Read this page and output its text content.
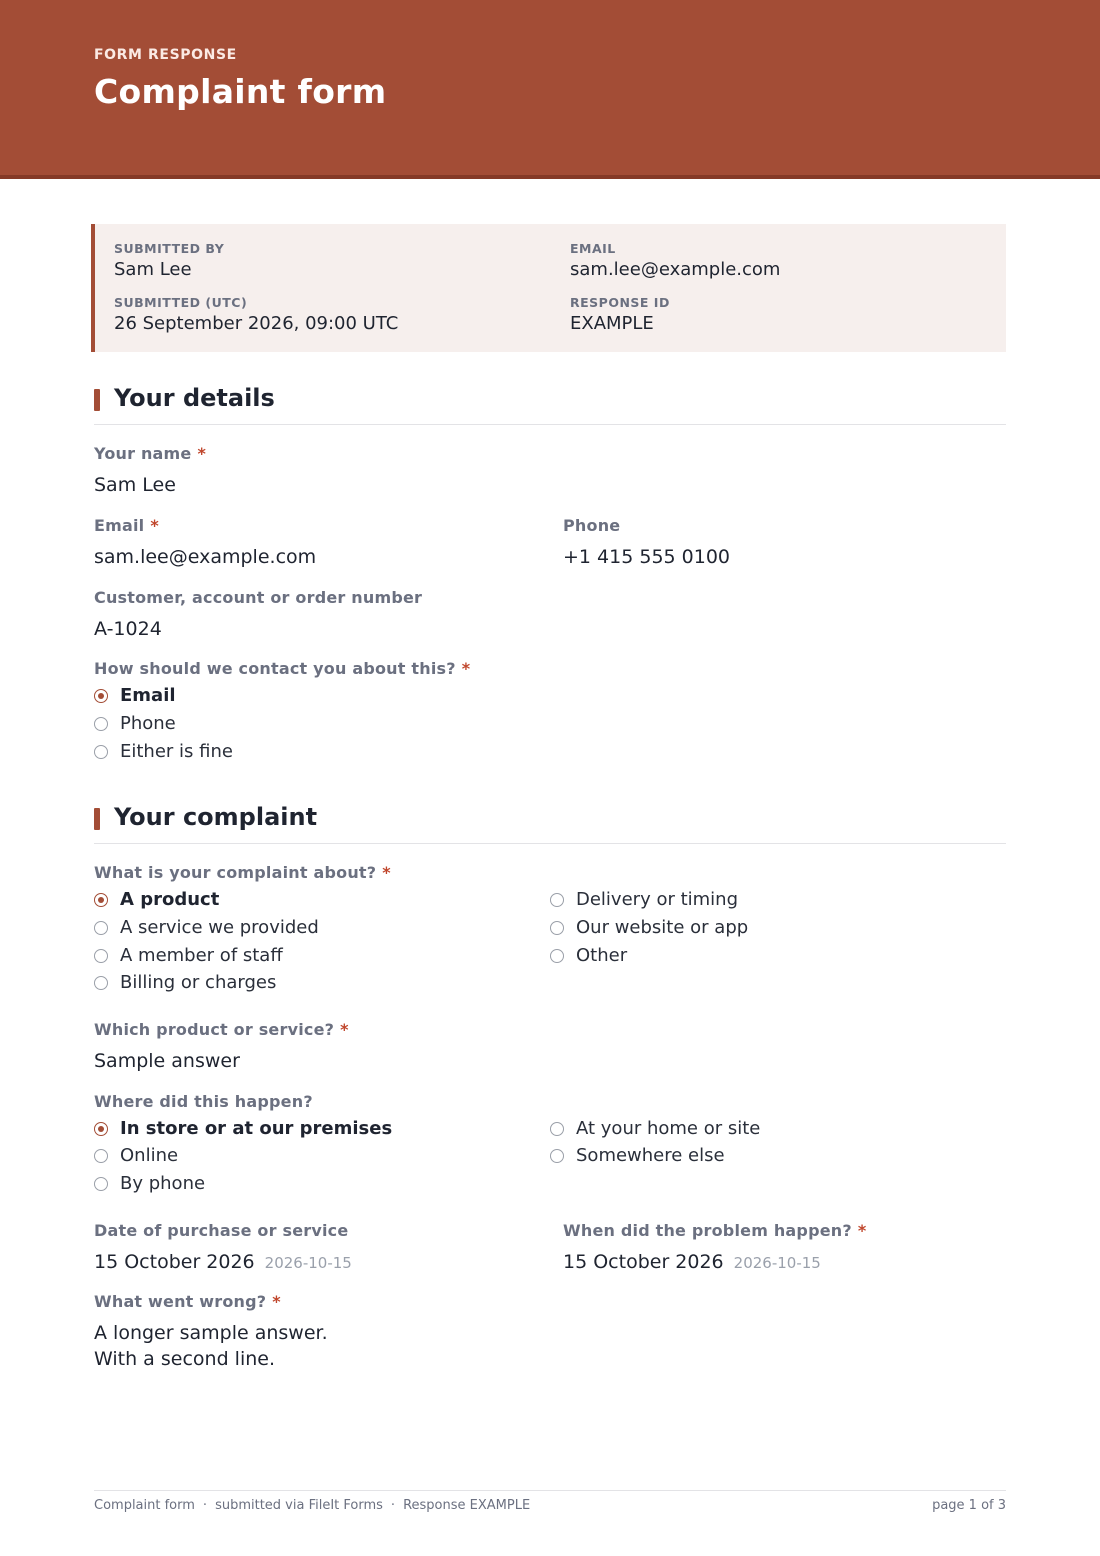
FORM RESPONSE
Complaint form
SUBMITTED BY
Sam Lee
EMAIL
sam.lee@example.com
SUBMITTED (UTC)
26 September 2026, 09:00 UTC
RESPONSE ID
EXAMPLE
Your details
Your name *
Sam Lee
Email *
sam.lee@example.com
Phone
+1 415 555 0100
Customer, account or order number
A-1024
How should we contact you about this? *
Email
Phone
Either is fine
Your complaint
What is your complaint about? *
A product
A service we provided
A member of staff
Billing or charges
Delivery or timing
Our website or app
Other
Which product or service? *
Sample answer
Where did this happen?
In store or at our premises
Online
By phone
At your home or site
Somewhere else
Date of purchase or service
15 October 2026 2026-10-15
When did the problem happen? *
15 October 2026 2026-10-15
What went wrong? *
A longer sample answer.
With a second line.
Complaint form · submitted via FileIt Forms · Response EXAMPLE	page 1 of 3
